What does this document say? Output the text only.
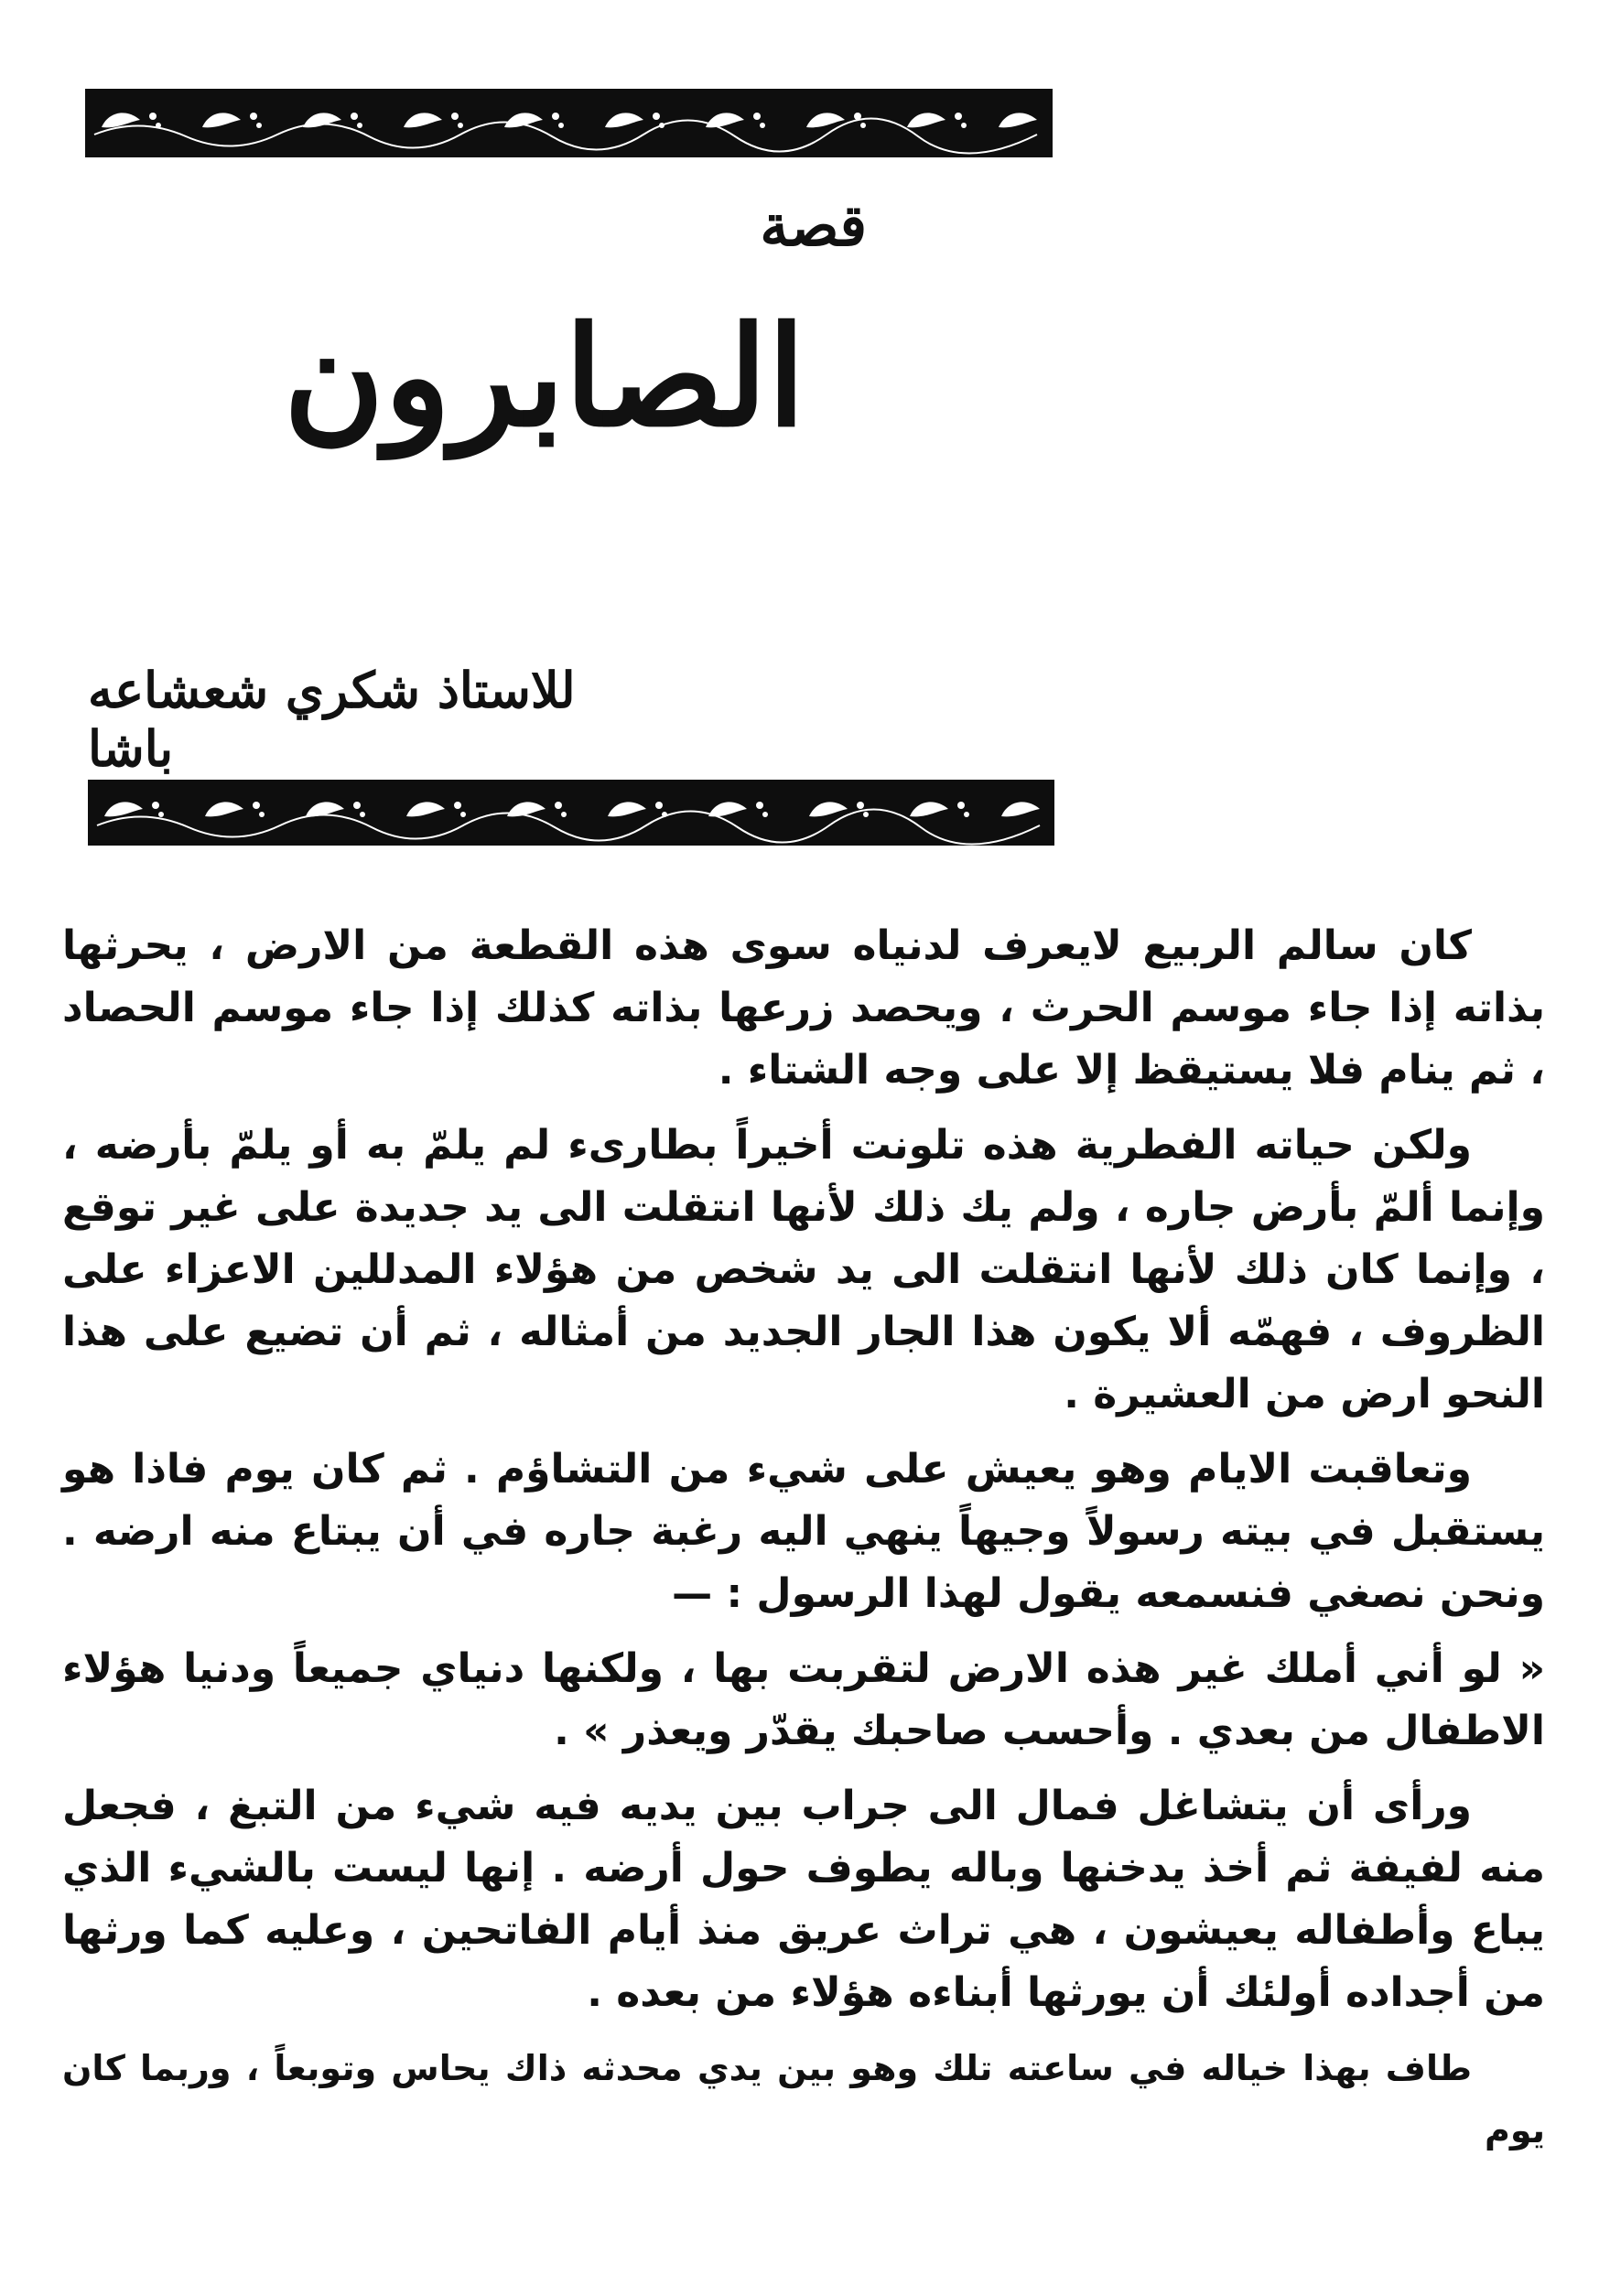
قصة
الصابرون
للاستاذ شكري شعشاعه باشا

كان سالم الربيع لايعرف لدنياه سوى هذه القطعة من الارض ، يحرثها بذاته إذا جاء موسم الحرث ، ويحصد زرعها بذاته كذلك إذا جاء موسم الحصاد ، ثم ينام فلا يستيقظ إلا على وجه الشتاء .

ولكن حياته الفطرية هذه تلونت أخيراً بطارىء لم يلمّ به أو يلمّ بأرضه ، وإنما ألمّ بأرض جاره ، ولم يك ذلك لأنها انتقلت الى يد جديدة على غير توقع ، وإنما كان ذلك لأنها انتقلت الى يد شخص من هؤلاء المدللين الاعزاء على الظروف ، فهمّه ألا يكون هذا الجار الجديد من أمثاله ، ثم أن تضيع على هذا النحو ارض من العشيرة .

وتعاقبت الايام وهو يعيش على شيء من التشاؤم . ثم كان يوم فاذا هو يستقبل في بيته رسولاً وجيهاً ينهي اليه رغبة جاره في أن يبتاع منه ارضه . ونحن نصغي فنسمعه يقول لهذا الرسول : —

« لو أني أملك غير هذه الارض لتقربت بها ، ولكنها دنياي جميعاً ودنيا هؤلاء الاطفال من بعدي . وأحسب صاحبك يقدّر ويعذر » .

ورأى أن يتشاغل فمال الى جراب بين يديه فيه شيء من التبغ ، فجعل منه لفيفة ثم أخذ يدخنها وباله يطوف حول أرضه . إنها ليست بالشيء الذي يباع وأطفاله يعيشون ، هي تراث عريق منذ أيام الفاتحين ، وعليه كما ورثها من أجداده أولئك أن يورثها أبناءه هؤلاء من بعده .

طاف بهذا خياله في ساعته تلك وهو بين يدي محدثه ذاك يحاس وتوبعاً ، وربما كان يوم
